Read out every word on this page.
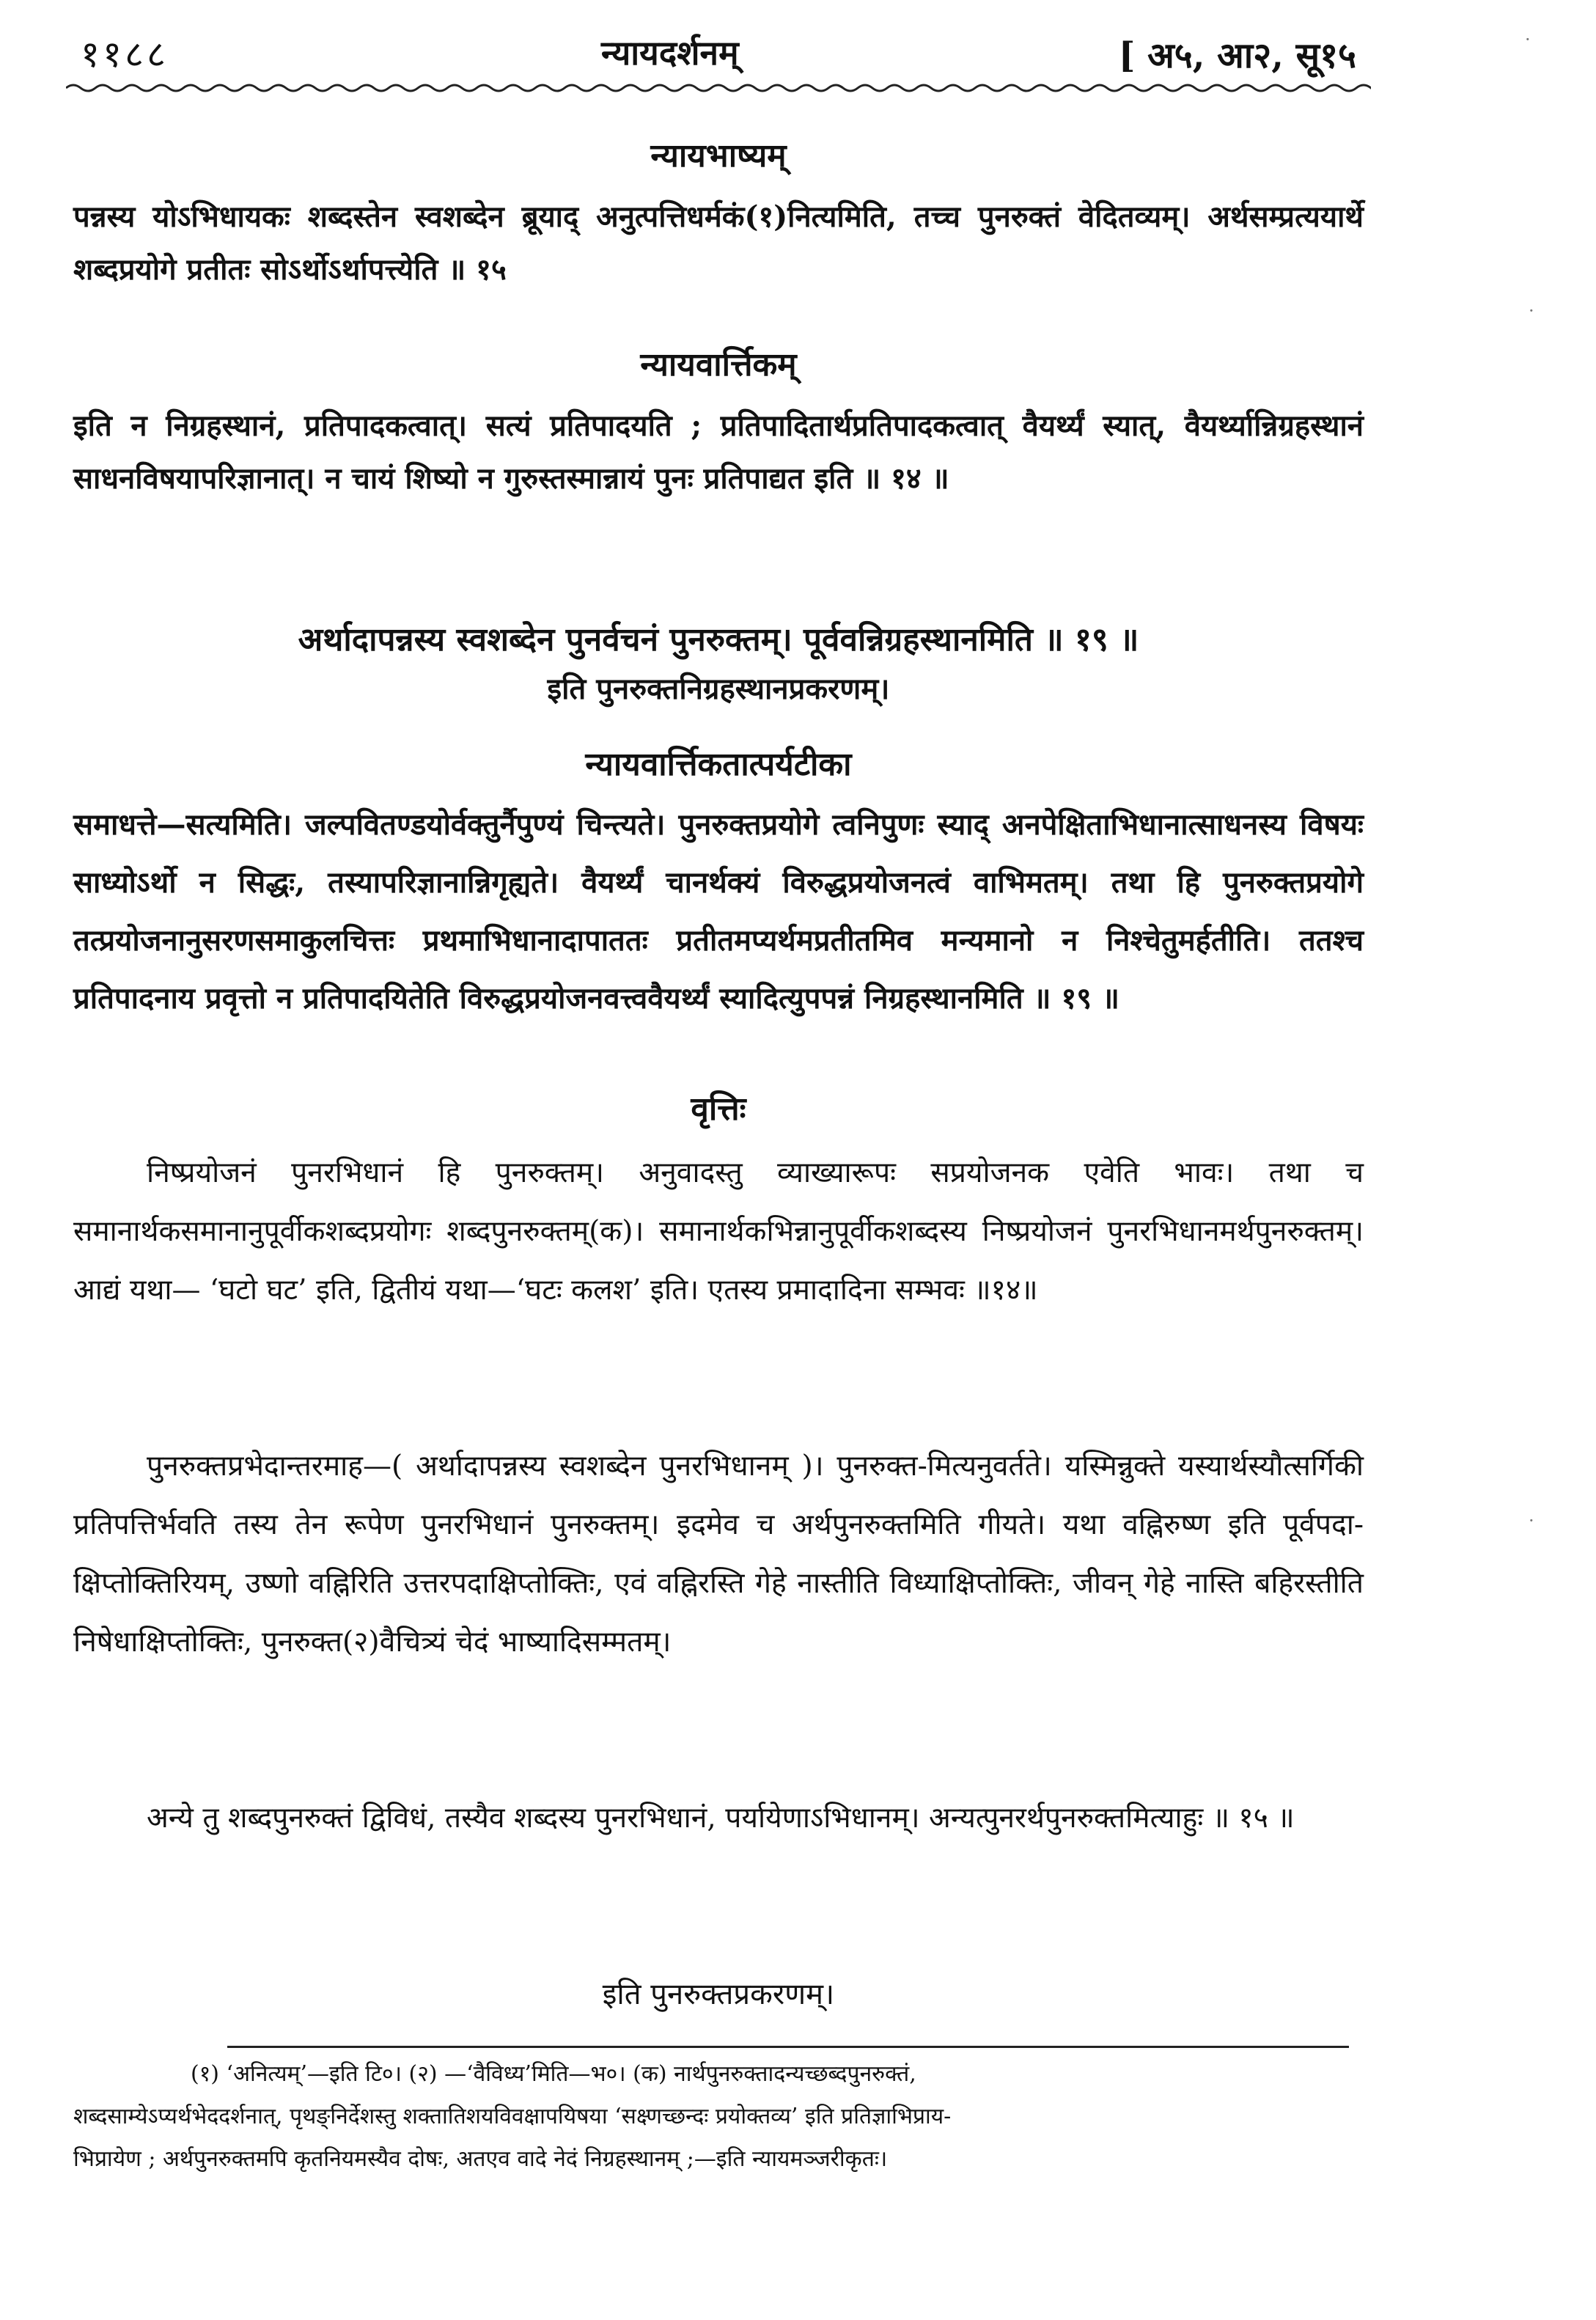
११८८	न्यायदर्शनम्	[ अ५, आ२, सू१५
न्यायभाष्यम्
पन्नस्य योऽभिधायकः शब्दस्तेन स्वशब्देन ब्रूयाद् अनुत्पत्तिधर्मकं(१)नित्यमिति, तच्च पुनरुक्तं वेदितव्यम्। अर्थसम्प्रत्ययार्थे शब्दप्रयोगे प्रतीतः सोऽर्थोऽर्थापत्त्येति ॥ १५
न्यायवार्त्तिकम्
इति न निग्रहस्थानं, प्रतिपादकत्वात्। सत्यं प्रतिपादयति ; प्रतिपादितार्थप्रतिपादकत्वात् वैयर्थ्यं स्यात्, वैयर्थ्यान्निग्रहस्थानं साधनविषयापरिज्ञानात्। न चायं शिष्यो न गुरुस्तस्मान्नायं पुनः प्रतिपाद्यत इति ॥ १४ ॥
अर्थादापन्नस्य स्वशब्देन पुनर्वचनं पुनरुक्तम्। पूर्ववन्निग्रहस्थानमिति ॥ १९ ॥
इति पुनरुक्तनिग्रहस्थानप्रकरणम्।
न्यायवार्त्तिकतात्पर्यटीका
समाधत्ते—सत्यमिति। जल्पवितण्डयोर्वक्तुर्नैपुण्यं चिन्त्यते। पुनरुक्तप्रयोगे त्वनिपुणः स्याद् अनपेक्षिताभिधानात्साधनस्य विषयः साध्योऽर्थो न सिद्धः, तस्यापरिज्ञानान्निगृह्यते। वैयर्थ्यं चानर्थक्यं विरुद्धप्रयोजनत्वं वाभिमतम्। तथा हि पुनरुक्तप्रयोगे तत्प्रयोजनानुसरणसमाकुलचित्तः प्रथमाभिधानादापाततः प्रतीतमप्यर्थमप्रतीतमिव मन्यमानो न निश्चेतुमर्हतीति। ततश्च प्रतिपादनाय प्रवृत्तो न प्रतिपादयितेति विरुद्धप्रयोजनवत्त्ववैयर्थ्यं स्यादित्युपपन्नं निग्रहस्थानमिति ॥ १९ ॥
वृत्तिः
निष्प्रयोजनं पुनरभिधानं हि पुनरुक्तम्। अनुवादस्तु व्याख्यारूपः सप्रयोजनक एवेति भावः। तथा च समानार्थकसमानानुपूर्वीकशब्दप्रयोगः शब्दपुनरुक्तम्(क)। समानार्थकभिन्नानुपूर्वीकशब्दस्य निष्प्रयोजनं पुनरभिधानमर्थपुनरुक्तम्। आद्यं यथा— ‘घटो घट’ इति, द्वितीयं यथा—‘घटः कलश’ इति। एतस्य प्रमादादिना सम्भवः ॥१४॥
पुनरुक्तप्रभेदान्तरमाह—( अर्थादापन्नस्य स्वशब्देन पुनरभिधानम् )। पुनरुक्त-मित्यनुवर्तते। यस्मिन्नुक्ते यस्यार्थस्यौत्सर्गिकी प्रतिपत्तिर्भवति तस्य तेन रूपेण पुनरभिधानं पुनरुक्तम्। इदमेव च अर्थपुनरुक्तमिति गीयते। यथा वह्निरुष्ण इति पूर्वपदा-क्षिप्तोक्तिरियम्, उष्णो वह्निरिति उत्तरपदाक्षिप्तोक्तिः, एवं वह्निरस्ति गेहे नास्तीति विध्याक्षिप्तोक्तिः, जीवन् गेहे नास्ति बहिरस्तीति निषेधाक्षिप्तोक्तिः, पुनरुक्त(२)वैचित्र्यं चेदं भाष्यादिसम्मतम्।
अन्ये तु शब्दपुनरुक्तं द्विविधं, तस्यैव शब्दस्य पुनरभिधानं, पर्यायेणाऽभिधानम्। अन्यत्पुनरर्थपुनरुक्तमित्याहुः ॥ १५ ॥
इति पुनरुक्तप्रकरणम्।
(१) ‘अनित्यम्’—इति टि०। (२) —‘वैविध्य’मिति—भ०। (क) नार्थपुनरुक्तादन्यच्छब्दपुनरुक्तं,
शब्दसाम्येऽप्यर्थभेददर्शनात्, पृथङ्निर्देशस्तु शक्तातिशयविवक्षापयिषया ‘सक्ष्णच्छन्दः प्रयोक्तव्य’ इति प्रतिज्ञाभिप्राय-
भिप्रायेण ; अर्थपुनरुक्तमपि कृतनियमस्यैव दोषः, अतएव वादे नेदं निग्रहस्थानम् ;—इति न्यायमञ्जरीकृतः।
·
·
·
